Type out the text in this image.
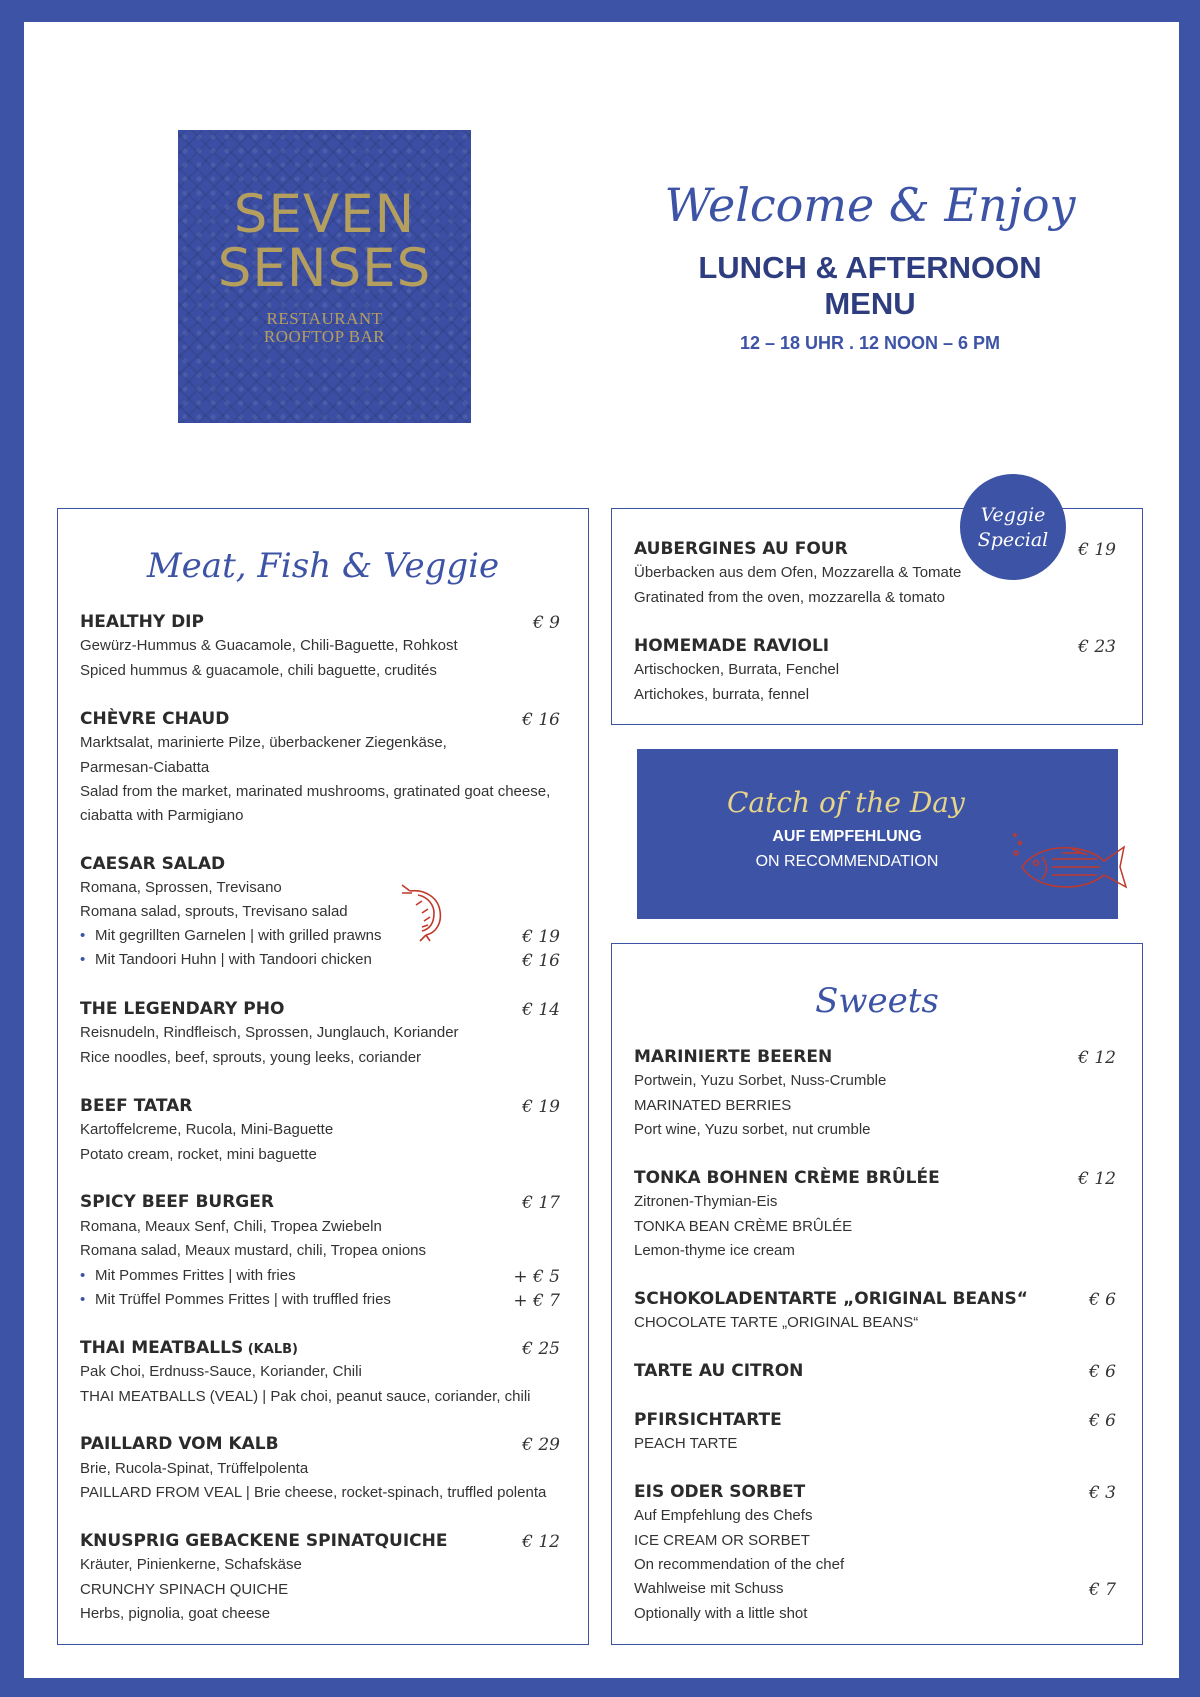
SEVEN
SENSES
RESTAURANT
ROOFTOP BAR
Welcome & Enjoy
LUNCH & AFTERNOON
MENU
12 – 18 UHR . 12 NOON – 6 PM
Meat, Fish & Veggie
HEALTHY DIP	€ 9
Gewürz-Hummus & Guacamole, Chili-Baguette, Rohkost
Spiced hummus & guacamole, chili baguette, crudités
CHÈVRE CHAUD	€ 16
Marktsalat, marinierte Pilze, überbackener Ziegenkäse,
Parmesan-Ciabatta
Salad from the market, marinated mushrooms, gratinated goat cheese,
ciabatta with Parmigiano
CAESAR SALAD
Romana, Sprossen, Trevisano
Romana salad, sprouts, Trevisano salad
• Mit gegrillten Garnelen | with grilled prawns	€ 19
• Mit Tandoori Huhn | with Tandoori chicken	€ 16
THE LEGENDARY PHO	€ 14
Reisnudeln, Rindfleisch, Sprossen, Junglauch, Koriander
Rice noodles, beef, sprouts, young leeks, coriander
BEEF TATAR	€ 19
Kartoffelcreme, Rucola, Mini-Baguette
Potato cream, rocket, mini baguette
SPICY BEEF BURGER	€ 17
Romana, Meaux Senf, Chili, Tropea Zwiebeln
Romana salad, Meaux mustard, chili, Tropea onions
• Mit Pommes Frittes | with fries	+ € 5
• Mit Trüffel Pommes Frittes | with truffled fries	+ € 7
THAI MEATBALLS (KALB)	€ 25
Pak Choi, Erdnuss-Sauce, Koriander, Chili
THAI MEATBALLS (VEAL) | Pak choi, peanut sauce, coriander, chili
PAILLARD VOM KALB	€ 29
Brie, Rucola-Spinat, Trüffelpolenta
PAILLARD FROM VEAL | Brie cheese, rocket-spinach, truffled polenta
KNUSPRIG GEBACKENE SPINATQUICHE	€ 12
Kräuter, Pinienkerne, Schafskäse
CRUNCHY SPINACH QUICHE
Herbs, pignolia, goat cheese
Veggie
Special
AUBERGINES AU FOUR	€ 19
Überbacken aus dem Ofen, Mozzarella & Tomate
Gratinated from the oven, mozzarella & tomato
HOMEMADE RAVIOLI	€ 23
Artischocken, Burrata, Fenchel
Artichokes, burrata, fennel
Catch of the Day
AUF EMPFEHLUNG
ON RECOMMENDATION
Sweets
MARINIERTE BEEREN	€ 12
Portwein, Yuzu Sorbet, Nuss-Crumble
MARINATED BERRIES
Port wine, Yuzu sorbet, nut crumble
TONKA BOHNEN CRÈME BRÛLÉE	€ 12
Zitronen-Thymian-Eis
TONKA BEAN CRÈME BRÛLÉE
Lemon-thyme ice cream
SCHOKOLADENTARTE „ORIGINAL BEANS“	€ 6
CHOCOLATE TARTE „ORIGINAL BEANS“
TARTE AU CITRON	€ 6
PFIRSICHTARTE	€ 6
PEACH TARTE
EIS ODER SORBET	€ 3
Auf Empfehlung des Chefs
ICE CREAM OR SORBET
On recommendation of the chef
Wahlweise mit Schuss	€ 7
Optionally with a little shot
